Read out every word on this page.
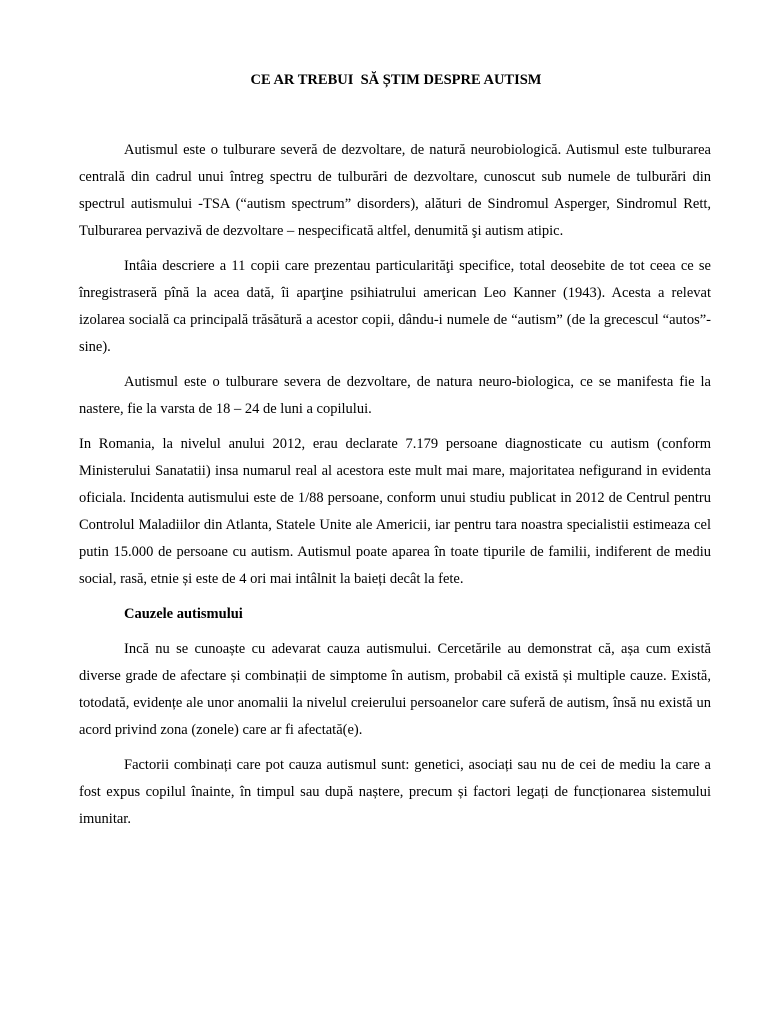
CE AR TREBUI  SĂ ȘTIM DESPRE AUTISM

Autismul este o tulburare severă de dezvoltare, de natură neurobiologică. Autismul este tulburarea centrală din cadrul unui întreg spectru de tulburări de dezvoltare, cunoscut sub numele de tulburări din spectrul autismului -TSA (“autism spectrum” disorders), alături de Sindromul Asperger, Sindromul Rett, Tulburarea pervazivă de dezvoltare – nespecificată altfel, denumită şi autism atipic.

Intâia descriere a 11 copii care prezentau particularităţi specifice, total deosebite de tot ceea ce se înregistraseră pînă la acea dată, îi aparţine psihiatrului american Leo Kanner (1943). Acesta a relevat izolarea socială ca principală trăsătură a acestor copii, dându-i numele de “autism” (de la grecescul “autos”- sine).

Autismul este o tulburare severa de dezvoltare, de natura neuro-biologica, ce se manifesta fie la nastere, fie la varsta de 18 – 24 de luni a copilului.

In Romania, la nivelul anului 2012, erau declarate 7.179 persoane diagnosticate cu autism (conform Ministerului Sanatatii) insa numarul real al acestora este mult mai mare, majoritatea nefigurand in evidenta oficiala. Incidenta autismului este de 1/88 persoane, conform unui studiu publicat in 2012 de Centrul pentru Controlul Maladiilor din Atlanta, Statele Unite ale Americii, iar pentru tara noastra specialistii estimeaza cel putin 15.000 de persoane cu autism. Autismul poate aparea în toate tipurile de familii, indiferent de mediu social, rasă, etnie și este de 4 ori mai intâlnit la baieți decât la fete.

Cauzele autismului

Incă nu se cunoaște cu adevarat cauza autismului. Cercetările au demonstrat că, așa cum există diverse grade de afectare și combinații de simptome în autism, probabil că există și multiple cauze. Există, totodată, evidențe ale unor anomalii la nivelul creierului persoanelor care suferă de autism, însă nu există un acord privind zona (zonele) care ar fi afectată(e).

Factorii combinați care pot cauza autismul sunt: genetici, asociați sau nu de cei de mediu la care a fost expus copilul înainte, în timpul sau după naștere, precum și factori legați de funcționarea sistemului imunitar.
